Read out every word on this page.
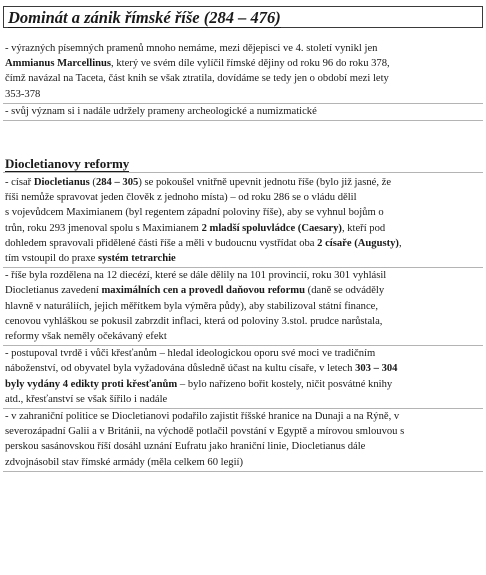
Dominát a zánik římské říše (284 – 476)
- výrazných písemných pramenů mnoho nemáme, mezi dějepisci ve 4. století vynikl jen
Ammianus Marcellinus, který ve svém díle vylíčil římské dějiny od roku 96 do roku 378,
čímž navázal na Taceta, část knih se však ztratila, dovídáme se tedy jen o období mezi lety
353-378
- svůj význam si i nadále udržely prameny archeologické a numizmatické
Diocletianovy reformy
- císař Diocletianus (284 – 305) se pokoušel vnitřně upevnit jednotu říše (bylo již jasné, že
říši nemůže spravovat jeden člověk z jednoho místa) – od roku 286 se o vládu dělil
s vojevůdcem Maximianem (byl regentem západní poloviny říše), aby se vyhnul bojům o
trůn, roku 293 jmenoval spolu s Maximianem 2 mladší spoluvládce (Caesary), kteří pod
dohledem spravovali přidělené části říše a měli v budoucnu vystřídat oba 2 císaře (Augusty),
tím vstoupil do praxe systém tetrarchie
- říše byla rozdělena na 12 diecézí, které se dále dělily na 101 provincií, roku 301 vyhlásil
Diocletianus zavedení maximálních cen a provedl daňovou reformu (daně se odváděly
hlavně v naturáliích, jejich měřítkem byla výměra půdy), aby stabilizoval státní finance,
cenovou vyhláškou se pokusil zabrzdit inflaci, která od poloviny 3.stol. prudce narůstala,
reformy však neměly očekávaný efekt
- postupoval tvrdě i vůči křesťanům – hledal ideologickou oporu své moci ve tradičním
náboženství, od obyvatel byla vyžadována důsledně účast na kultu císaře, v letech 303 – 304
byly vydány 4 edikty proti křesťanům – bylo nařízeno bořit kostely, ničit posvátné knihy
atd., křesťanství se však šířilo i nadále
- v zahraniční politice se Diocletianovi podařilo zajistit říšské hranice na Dunaji a na Rýně, v
severozápadní Galii a v Británii, na východě potlačil povstání v Egyptě a mírovou smlouvou s
perskou sasánovskou říší dosáhl uznání Eufratu jako hraniční linie, Diocletianus dále
zdvojnásobil stav římské armády (měla celkem 60 legií)
